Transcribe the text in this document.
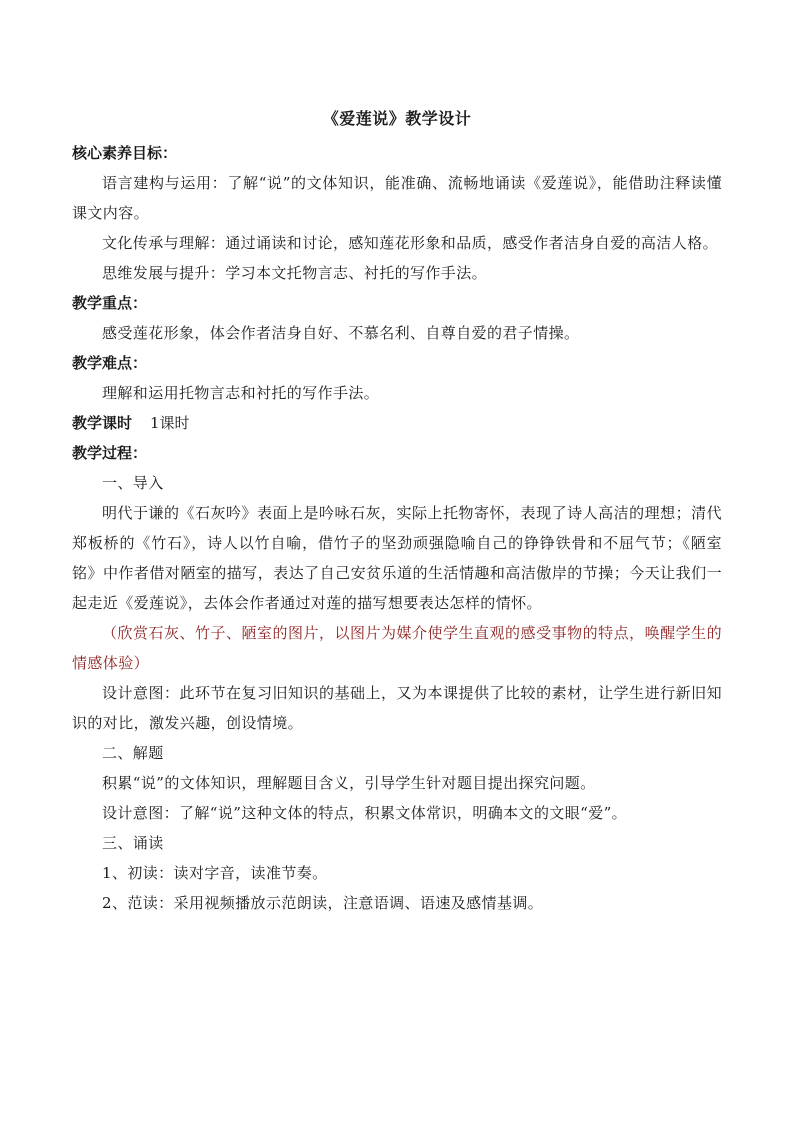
《爱莲说》教学设计

核心素养目标：

语言建构与运用：了解“说”的文体知识，能准确、流畅地诵读《爱莲说》，能借助注释读懂课文内容。

文化传承与理解：通过诵读和讨论，感知莲花形象和品质，感受作者洁身自爱的高洁人格。

思维发展与提升：学习本文托物言志、衬托的写作手法。

教学重点：

感受莲花形象，体会作者洁身自好、不慕名利、自尊自爱的君子情操。

教学难点：

理解和运用托物言志和衬托的写作手法。

教学课时 1课时

教学过程：

一、导入

明代于谦的《石灰吟》表面上是吟咏石灰，实际上托物寄怀，表现了诗人高洁的理想；清代郑板桥的《竹石》，诗人以竹自喻，借竹子的坚劲顽强隐喻自己的铮铮铁骨和不屈气节；《陋室铭》中作者借对陋室的描写，表达了自己安贫乐道的生活情趣和高洁傲岸的节操；今天让我们一起走近《爱莲说》，去体会作者通过对莲的描写想要表达怎样的情怀。

（欣赏石灰、竹子、陋室的图片，以图片为媒介使学生直观的感受事物的特点，唤醒学生的情感体验）

设计意图：此环节在复习旧知识的基础上，又为本课提供了比较的素材，让学生进行新旧知识的对比，激发兴趣，创设情境。

二、解题

积累“说”的文体知识，理解题目含义，引导学生针对题目提出探究问题。

设计意图：了解“说”这种文体的特点，积累文体常识，明确本文的文眼“爱”。

三、诵读

1、初读：读对字音，读准节奏。

2、范读：采用视频播放示范朗读，注意语调、语速及感情基调。
